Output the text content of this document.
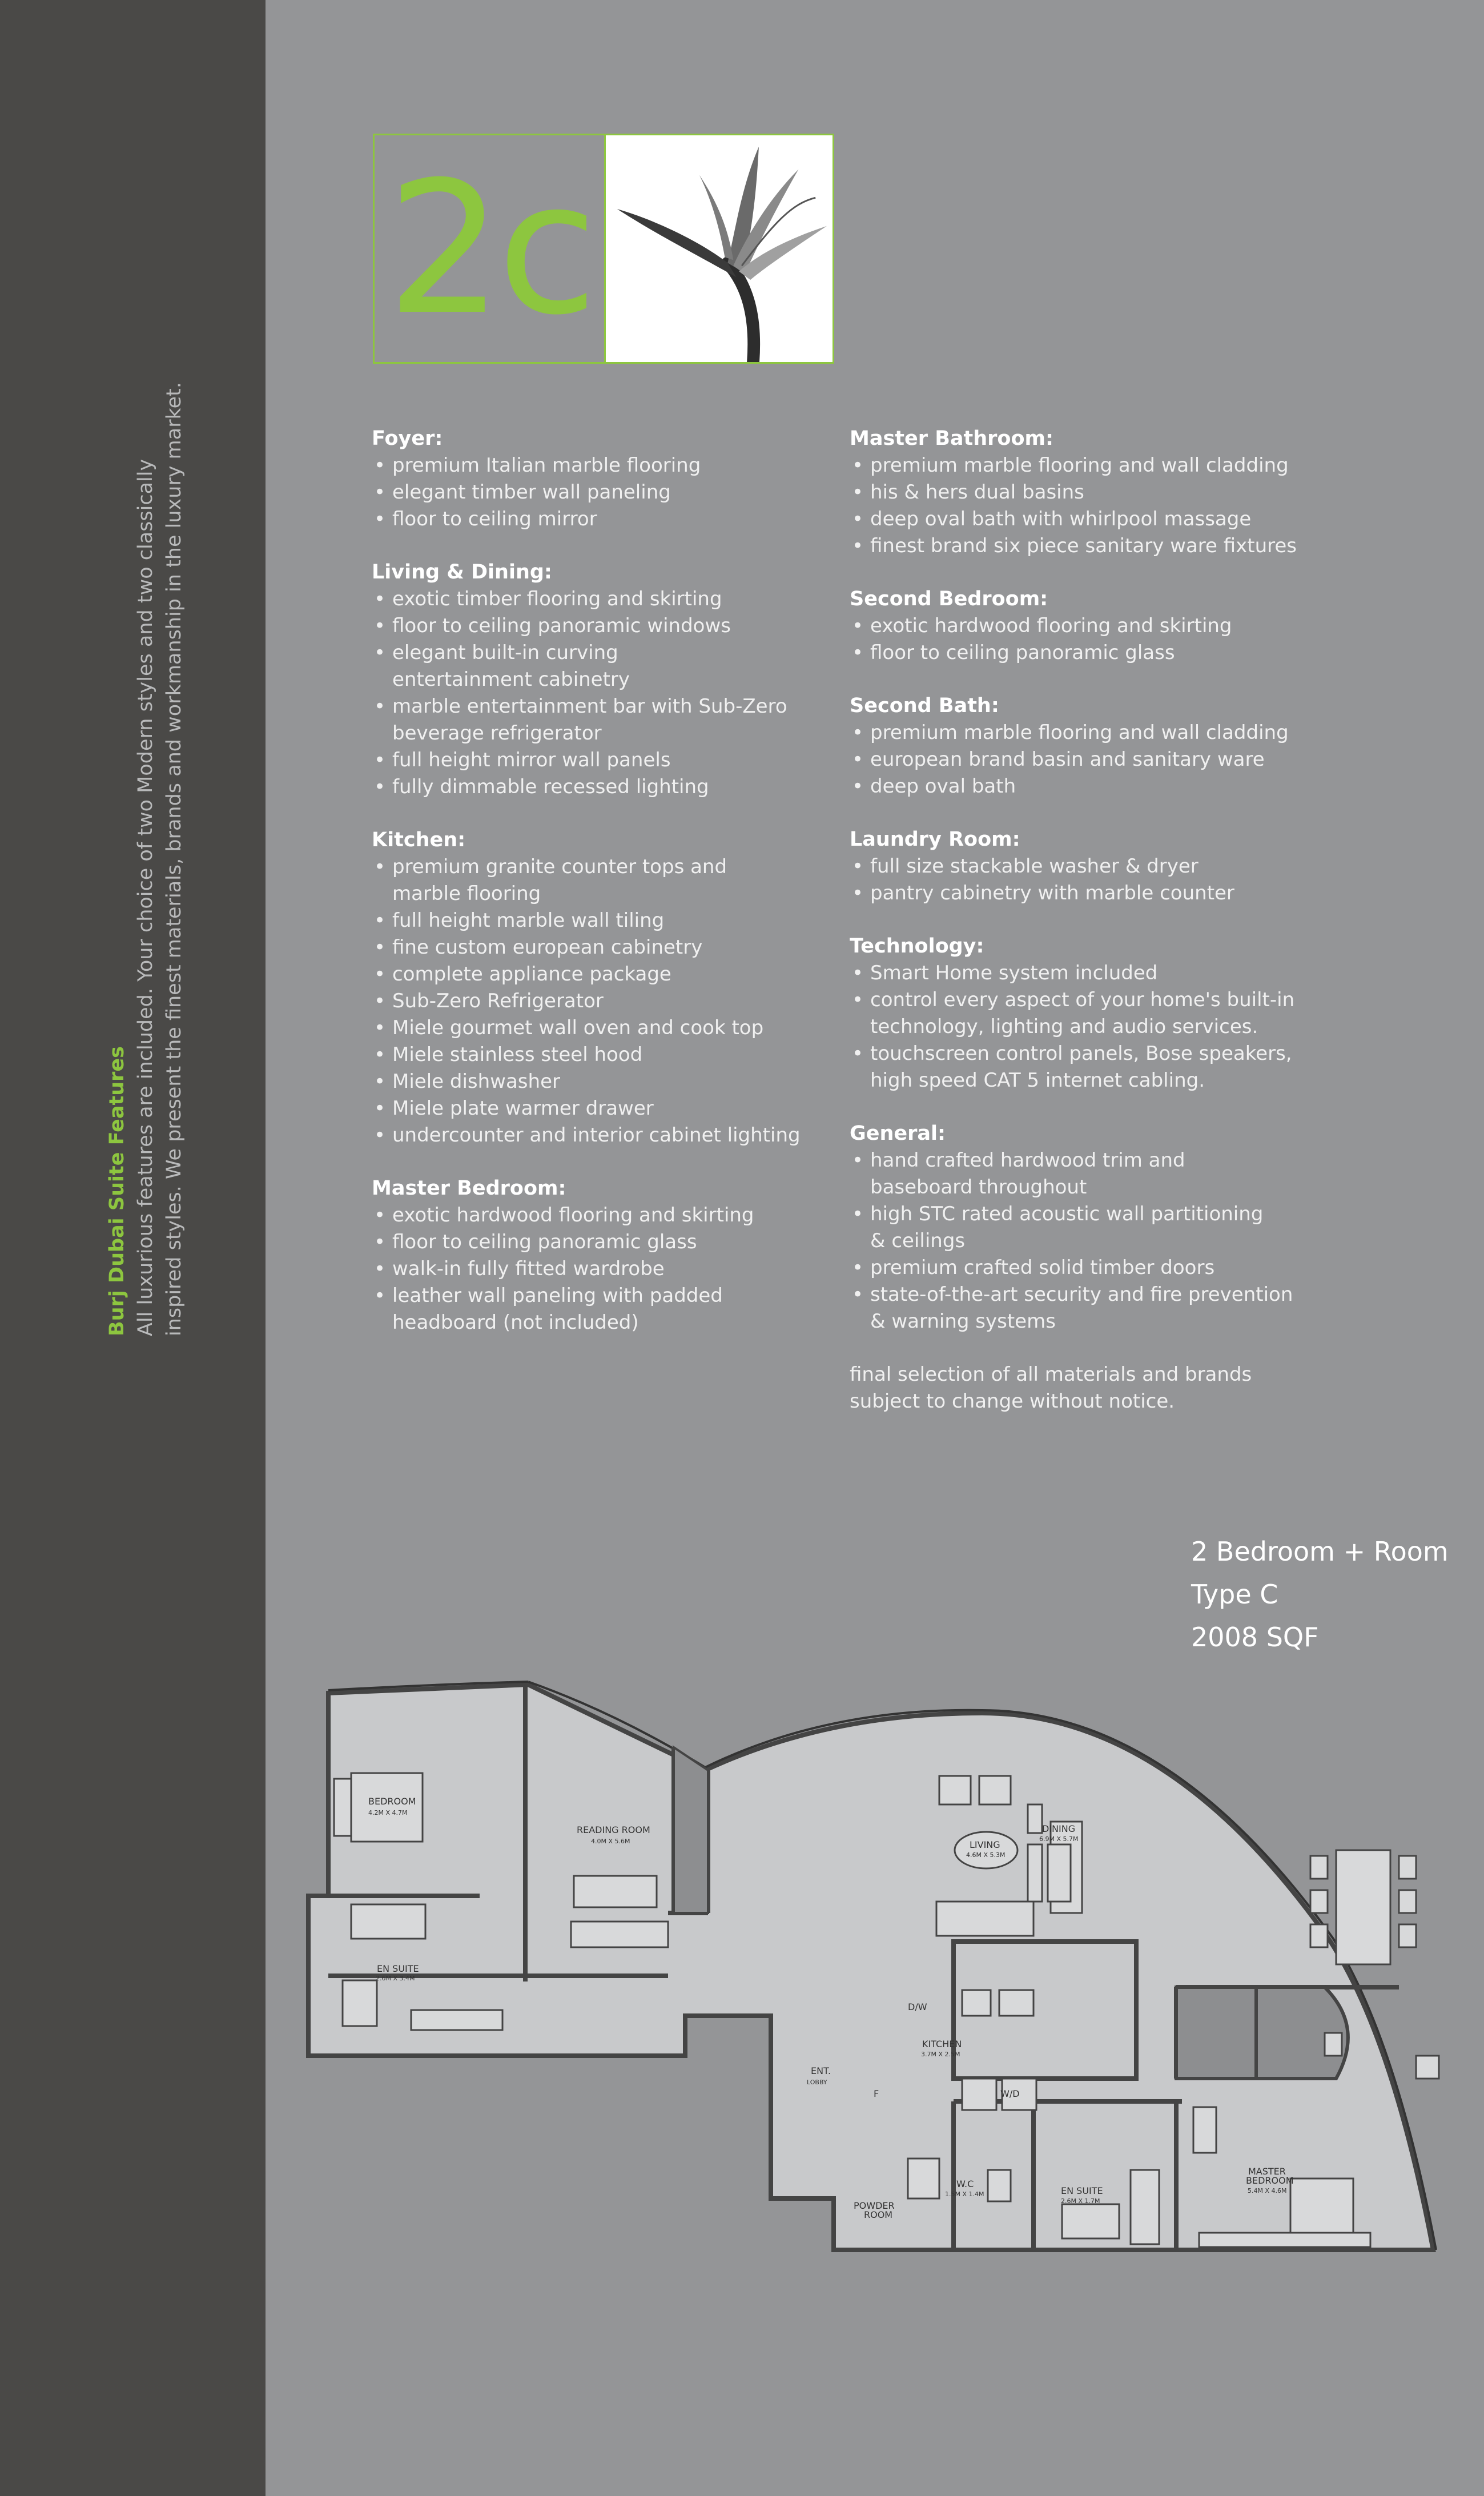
Burj Dubai Suite Features All luxurious features are included. Your choice of two Modern styles and two classically inspired styles. We present the finest materials, brands and workmanship in the luxury market.
2c
Foyer:
• premium Italian marble flooring
• elegant timber wall paneling
• floor to ceiling mirror
Living & Dining:
• exotic timber flooring and skirting
• floor to ceiling panoramic windows
• elegant built-in curving
entertainment cabinetry
• marble entertainment bar with Sub-Zero
beverage refrigerator
• full height mirror wall panels
• fully dimmable recessed lighting
Kitchen:
• premium granite counter tops and
marble flooring
• full height marble wall tiling
• fine custom european cabinetry
• complete appliance package
• Sub-Zero Refrigerator
• Miele gourmet wall oven and cook top
• Miele stainless steel hood
• Miele dishwasher
• Miele plate warmer drawer
• undercounter and interior cabinet lighting
Master Bedroom:
• exotic hardwood flooring and skirting
• floor to ceiling panoramic glass
• walk-in fully fitted wardrobe
• leather wall paneling with padded
headboard (not included)
Master Bathroom:
• premium marble flooring and wall cladding
• his & hers dual basins
• deep oval bath with whirlpool massage
• finest brand six piece sanitary ware fixtures
Second Bedroom:
• exotic hardwood flooring and skirting
• floor to ceiling panoramic glass
Second Bath:
• premium marble flooring and wall cladding
• european brand basin and sanitary ware
• deep oval bath
Laundry Room:
• full size stackable washer & dryer
• pantry cabinetry with marble counter
Technology:
• Smart Home system included
• control every aspect of your home's built-in
technology, lighting and audio services.
• touchscreen control panels, Bose speakers,
high speed CAT 5 internet cabling.
General:
• hand crafted hardwood trim and
baseboard throughout
• high STC rated acoustic wall partitioning
& ceilings
• premium crafted solid timber doors
• state-of-the-art security and fire prevention
& warning systems
final selection of all materials and brands
subject to change without notice.
2 Bedroom + Room
Type C
2008 SQF
BEDROOM
4.2M X 4.7M
READING ROOM
4.0M X 5.6M
EN SUITE
2.6M X 3.4M
LIVING
4.6M X 5.3M
DINING
6.9M X 5.7M
KITCHEN
3.7M X 2.5M
D/W
F	W/D
ENT.
LOBBY
POWDER
ROOM
W.C
1.5M X 1.4M	EN SUITE
2.6M X 1.7M
MASTER
BEDROOM
5.4M X 4.6M
